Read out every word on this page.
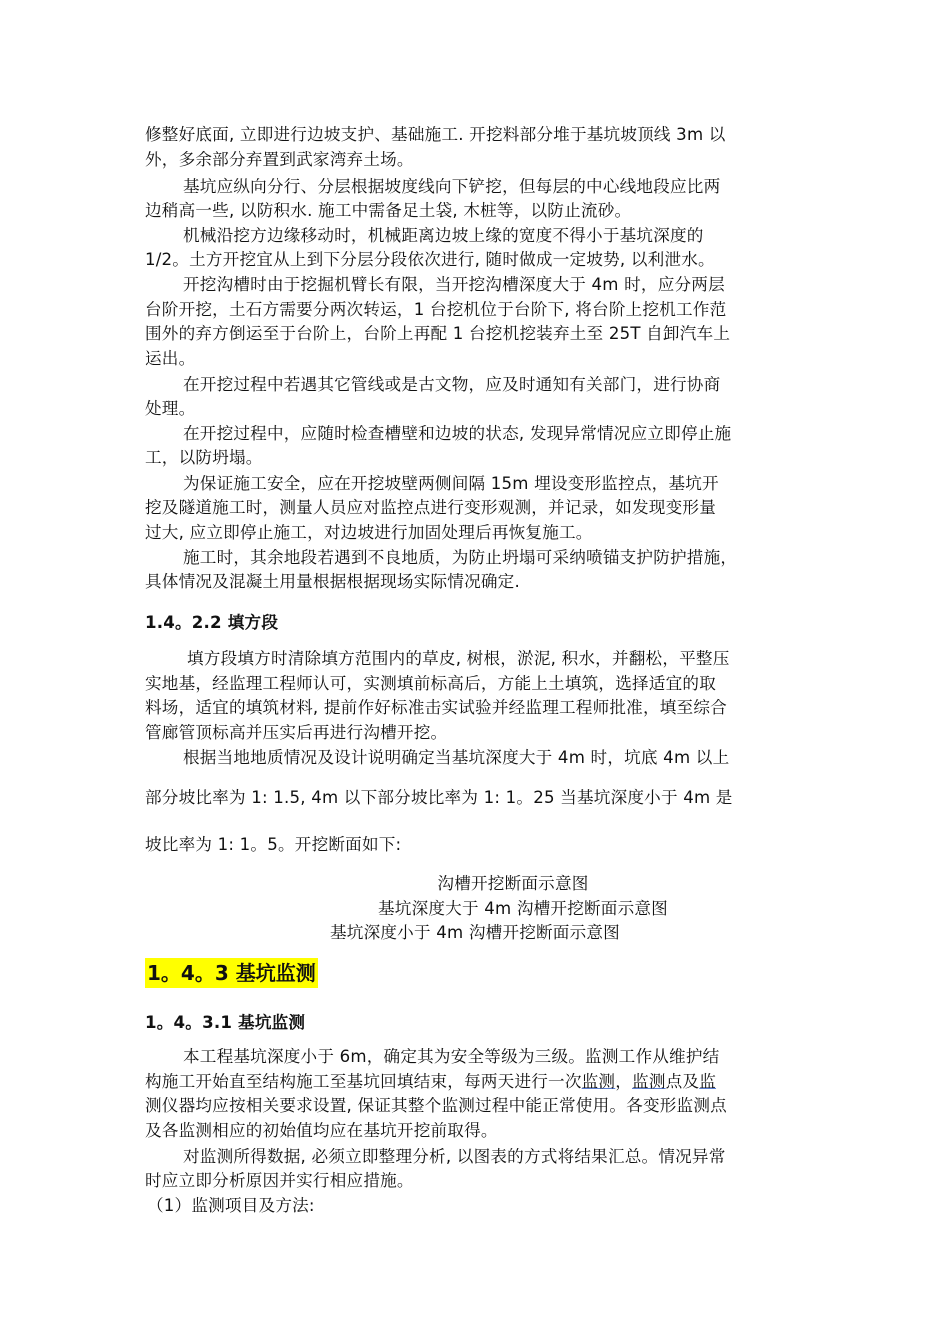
修整好底面, 立即进行边坡支护、基础施工. 开挖料部分堆于基坑坡顶线 3m 以
外，多余部分弃置到武家湾弃土场。
基坑应纵向分行、分层根据坡度线向下铲挖，但每层的中心线地段应比两
边稍高一些, 以防积水. 施工中需备足土袋, 木桩等，以防止流砂。
机械沿挖方边缘移动时，机械距离边坡上缘的宽度不得小于基坑深度的
1/2。土方开挖宜从上到下分层分段依次进行, 随时做成一定坡势, 以利泄水。
开挖沟槽时由于挖掘机臂长有限，当开挖沟槽深度大于 4m 时，应分两层
台阶开挖，土石方需要分两次转运，1 台挖机位于台阶下, 将台阶上挖机工作范
围外的弃方倒运至于台阶上，台阶上再配 1 台挖机挖装弃土至 25T 自卸汽车上
运出。
在开挖过程中若遇其它管线或是古文物，应及时通知有关部门，进行协商
处理。
在开挖过程中，应随时检查槽壁和边坡的状态, 发现异常情况应立即停止施
工，以防坍塌。
为保证施工安全，应在开挖坡壁两侧间隔 15m 埋设变形监控点，基坑开
挖及隧道施工时，测量人员应对监控点进行变形观测，并记录，如发现变形量
过大, 应立即停止施工，对边坡进行加固处理后再恢复施工。
施工时，其余地段若遇到不良地质，为防止坍塌可采纳喷锚支护防护措施，
具体情况及混凝土用量根据根据现场实际情况确定.
1.4。2.2 填方段
填方段填方时清除填方范围内的草皮, 树根，淤泥, 积水，并翻松，平整压
实地基，经监理工程师认可，实测填前标高后，方能上土填筑，选择适宜的取
料场，适宜的填筑材料, 提前作好标准击实试验并经监理工程师批准，填至综合
管廊管顶标高并压实后再进行沟槽开挖。
根据当地地质情况及设计说明确定当基坑深度大于 4m 时，坑底 4m 以上
部分坡比率为 1: 1.5, 4m 以下部分坡比率为 1: 1。25 当基坑深度小于 4m 是
坡比率为 1: 1。5。开挖断面如下:
沟槽开挖断面示意图
基坑深度大于 4m 沟槽开挖断面示意图
基坑深度小于 4m 沟槽开挖断面示意图
1。4。3 基坑监测
1。4。3.1 基坑监测
本工程基坑深度小于 6m，确定其为安全等级为三级。监测工作从维护结
构施工开始直至结构施工至基坑回填结束，每两天进行一次监测，监测点及监
测仪器均应按相关要求设置, 保证其整个监测过程中能正常使用。各变形监测点
及各监测相应的初始值均应在基坑开挖前取得。
对监测所得数据, 必须立即整理分析, 以图表的方式将结果汇总。情况异常
时应立即分析原因并实行相应措施。
（1）监测项目及方法:
